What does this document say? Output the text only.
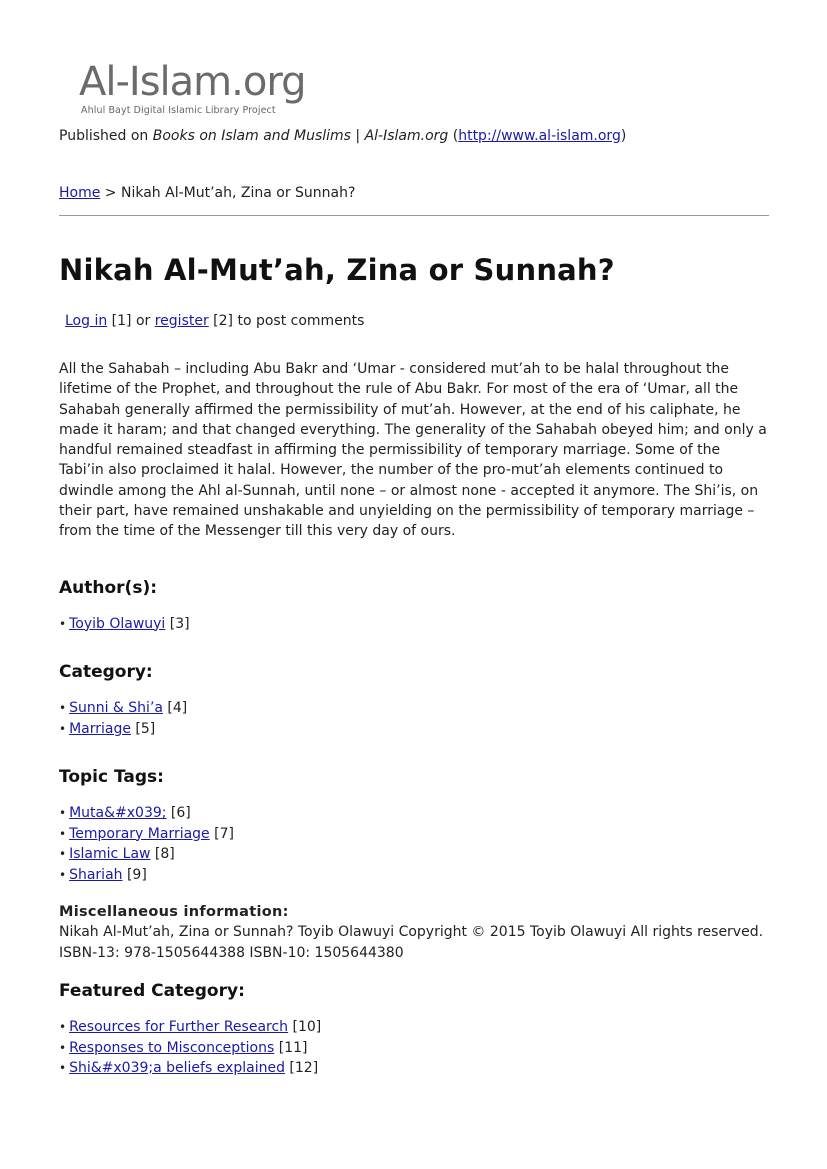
Al-Islam.org
Ahlul Bayt Digital Islamic Library Project
Published on Books on Islam and Muslims | Al-Islam.org (http://www.al-islam.org)
Home > Nikah Al-Mut’ah, Zina or Sunnah?
Nikah Al-Mut’ah, Zina or Sunnah?
Log in [1] or register [2] to post comments
All the Sahabah – including Abu Bakr and ‘Umar - considered mut’ah to be halal throughout the lifetime of the Prophet, and throughout the rule of Abu Bakr. For most of the era of ‘Umar, all the Sahabah generally affirmed the permissibility of mut’ah. However, at the end of his caliphate, he made it haram; and that changed everything. The generality of the Sahabah obeyed him; and only a handful remained steadfast in affirming the permissibility of temporary marriage. Some of the Tabi’in also proclaimed it halal. However, the number of the pro-mut’ah elements continued to dwindle among the Ahl al-Sunnah, until none – or almost none - accepted it anymore. The Shi’is, on their part, have remained unshakable and unyielding on the permissibility of temporary marriage – from the time of the Messenger till this very day of ours.
Author(s):
• Toyib Olawuyi [3]
Category:
• Sunni & Shi’a [4]
• Marriage [5]
Topic Tags:
• Muta&#x039; [6]
• Temporary Marriage [7]
• Islamic Law [8]
• Shariah [9]
Miscellaneous information:
Nikah Al-Mut’ah, Zina or Sunnah? Toyib Olawuyi Copyright © 2015 Toyib Olawuyi All rights reserved. ISBN-13: 978-1505644388 ISBN-10: 1505644380
Featured Category:
• Resources for Further Research [10]
• Responses to Misconceptions [11]
• Shi&#x039;a beliefs explained [12]
